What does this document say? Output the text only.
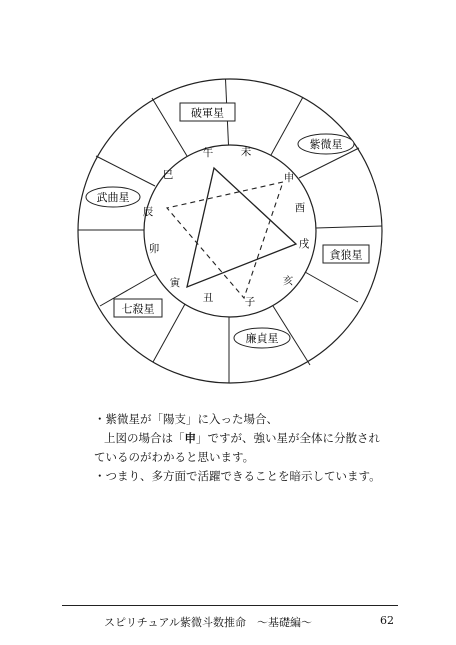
破軍星
紫微星
貪狼星
廉貞星
七殺星
武曲星
午	未
申
酉
戌
亥
子
丑
寅
卯
辰
巳
・紫微星が「陽支」に入った場合、
上図の場合は「申」ですが、強い星が全体に分散され
ているのがわかると思います。
・つまり、多方面で活躍できることを暗示しています。
スピリチュアル紫微斗数推命　～基礎編～	62
